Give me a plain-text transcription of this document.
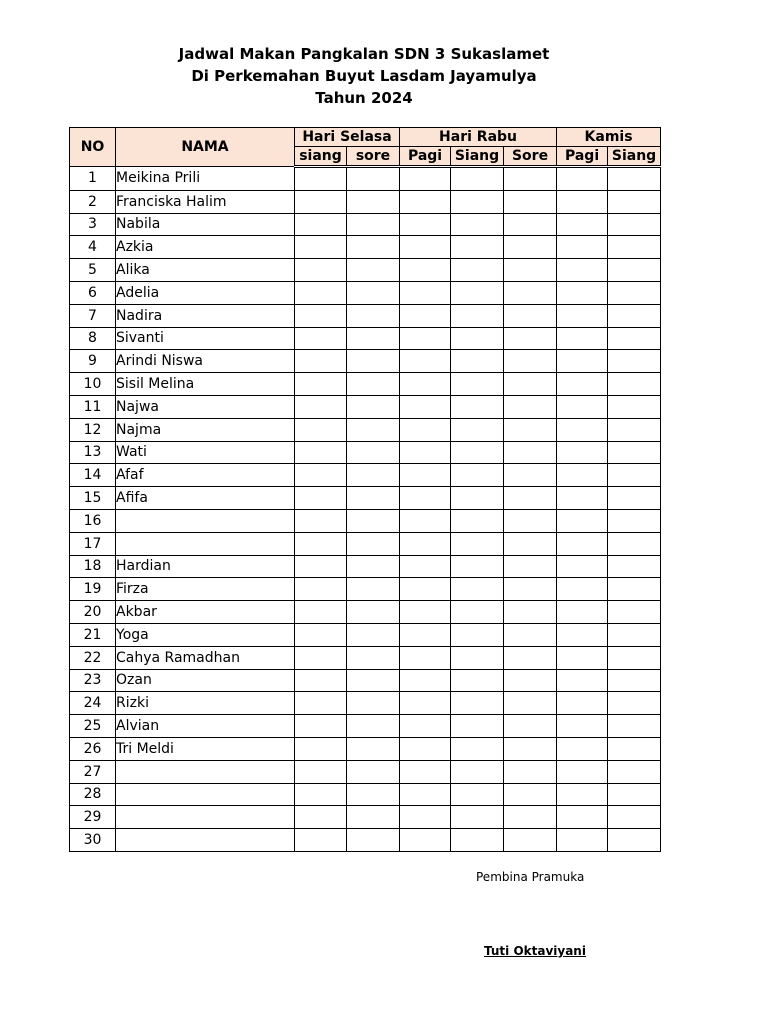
Jadwal Makan Pangkalan SDN 3 Sukaslamet
Di Perkemahan Buyut Lasdam Jayamulya
Tahun 2024
NO	NAMA	Hari Selasa		Hari Rabu			Kamis	
		siang	sore	Pagi	Siang	Sore	Pagi	Siang
1	Meikina Prili							
2	Franciska Halim							
3	Nabila							
4	Azkia							
5	Alika							
6	Adelia							
7	Nadira							
8	Sivanti							
9	Arindi Niswa							
10	Sisil Melina							
11	Najwa							
12	Najma							
13	Wati							
14	Afaf							
15	Afifa							
16								
17								
18	Hardian							
19	Firza							
20	Akbar							
21	Yoga							
22	Cahya Ramadhan							
23	Ozan							
24	Rizki							
25	Alvian							
26	Tri Meldi							
27								
28								
29								
30								
Pembina Pramuka
Tuti Oktaviyani
